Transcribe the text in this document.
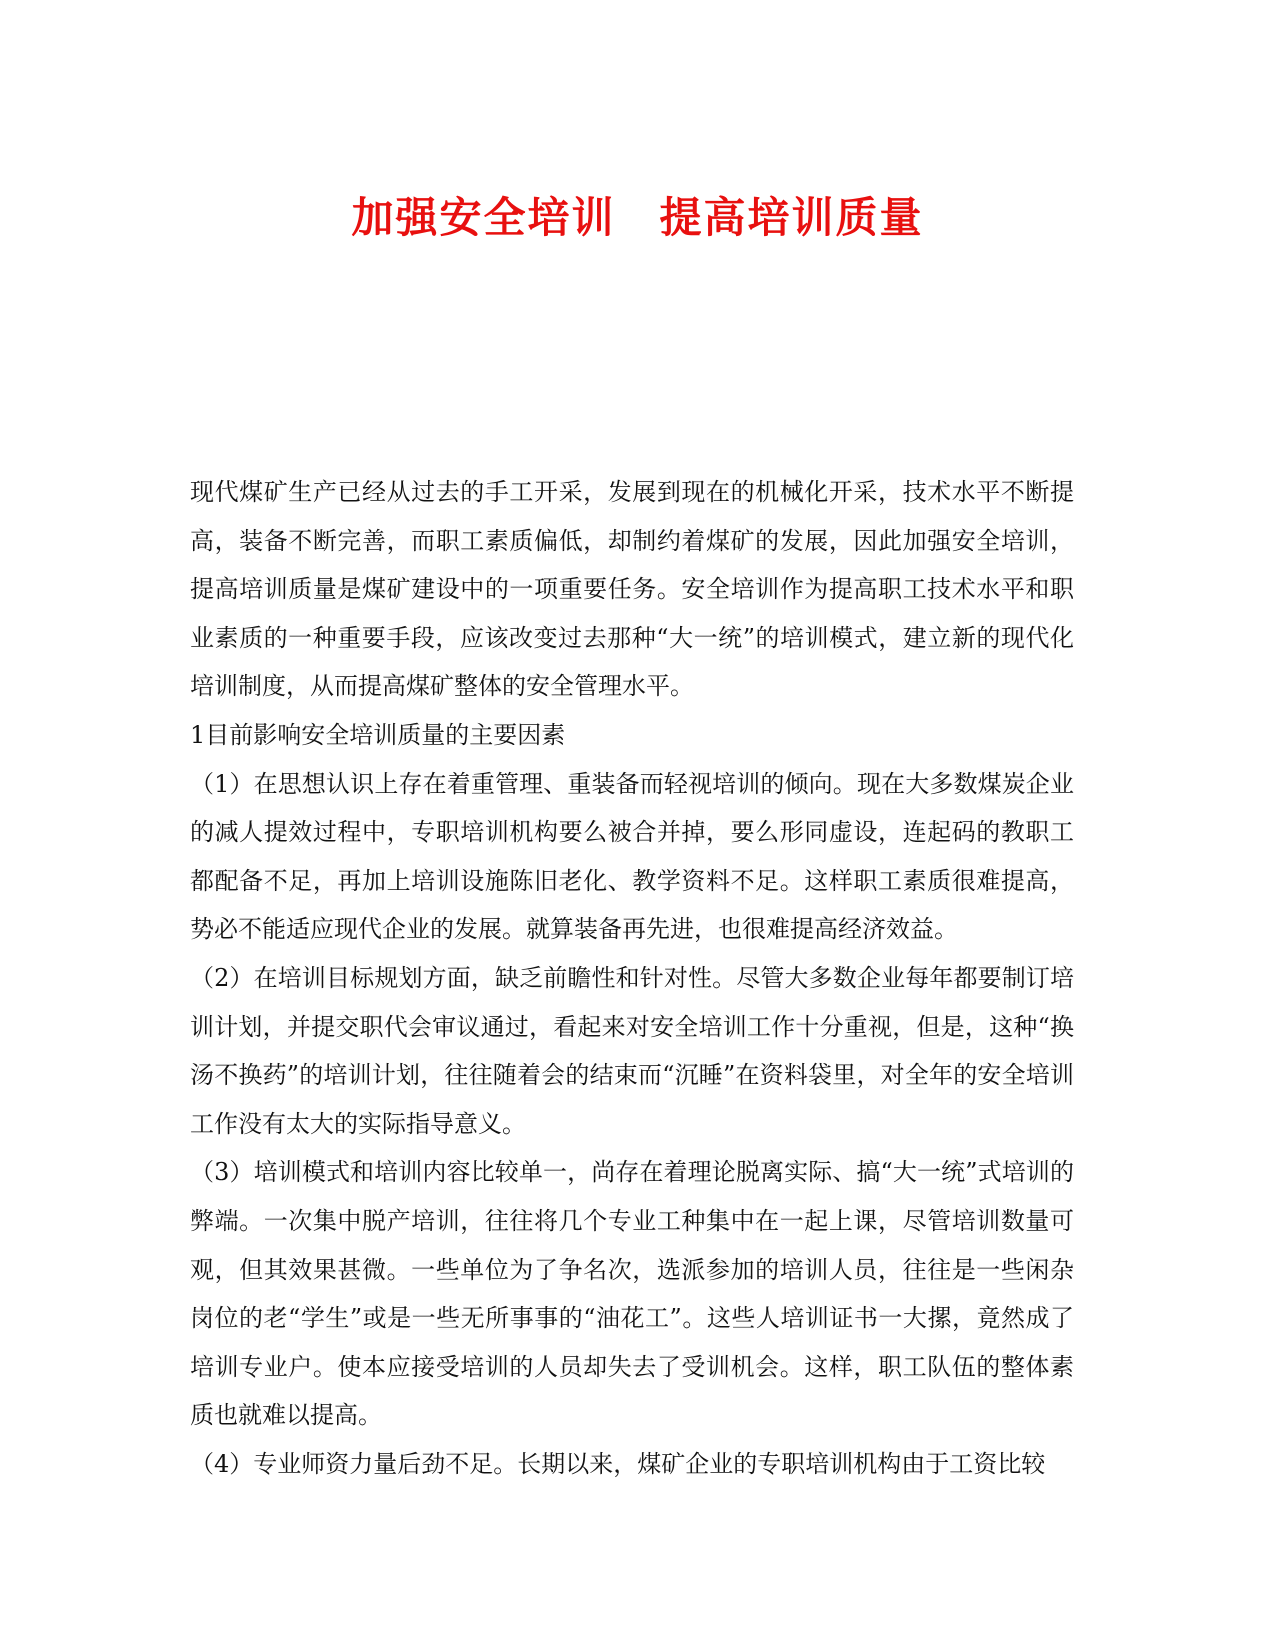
加强安全培训　提高培训质量

现代煤矿生产已经从过去的手工开采，发展到现在的机械化开采，技术水平不断提高，装备不断完善，而职工素质偏低，却制约着煤矿的发展，因此加强安全培训，提高培训质量是煤矿建设中的一项重要任务。安全培训作为提高职工技术水平和职业素质的一种重要手段，应该改变过去那种“大一统”的培训模式，建立新的现代化培训制度，从而提高煤矿整体的安全管理水平。

1目前影响安全培训质量的主要因素

（1）在思想认识上存在着重管理、重装备而轻视培训的倾向。现在大多数煤炭企业的减人提效过程中，专职培训机构要么被合并掉，要么形同虚设，连起码的教职工都配备不足，再加上培训设施陈旧老化、教学资料不足。这样职工素质很难提高，势必不能适应现代企业的发展。就算装备再先进，也很难提高经济效益。

（2）在培训目标规划方面，缺乏前瞻性和针对性。尽管大多数企业每年都要制订培训计划，并提交职代会审议通过，看起来对安全培训工作十分重视，但是，这种“换汤不换药”的培训计划，往往随着会的结束而“沉睡”在资料袋里，对全年的安全培训工作没有太大的实际指导意义。

（3）培训模式和培训内容比较单一，尚存在着理论脱离实际、搞“大一统”式培训的弊端。一次集中脱产培训，往往将几个专业工种集中在一起上课，尽管培训数量可观，但其效果甚微。一些单位为了争名次，选派参加的培训人员，往往是一些闲杂岗位的老“学生”或是一些无所事事的“油花工”。这些人培训证书一大摞，竟然成了培训专业户。使本应接受培训的人员却失去了受训机会。这样，职工队伍的整体素质也就难以提高。

（4）专业师资力量后劲不足。长期以来，煤矿企业的专职培训机构由于工资比较
